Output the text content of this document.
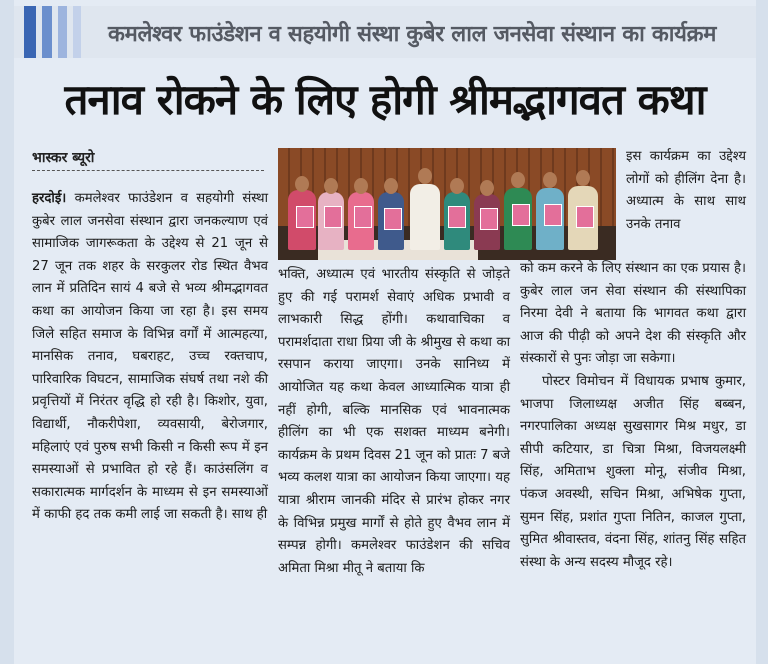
कमलेश्वर फाउंडेशन व सहयोगी संस्था कुबेर लाल जनसेवा संस्थान का कार्यक्रम
तनाव रोकने के लिए होगी श्रीमद्भागवत कथा
भास्कर ब्यूरो

हरदोई। कमलेश्वर फाउंडेशन व सहयोगी संस्था कुबेर लाल जनसेवा संस्थान द्वारा जनकल्याण एवं सामाजिक जागरूकता के उद्देश्य से 21 जून से 27 जून तक शहर के सरकुलर रोड स्थित वैभव लान में प्रतिदिन सायं 4 बजे से भव्य श्रीमद्भागवत कथा का आयोजन किया जा रहा है। इस समय जिले सहित समाज के विभिन्न वर्गों में आत्महत्या, मानसिक तनाव, घबराहट, उच्च रक्तचाप, पारिवारिक विघटन, सामाजिक संघर्ष तथा नशे की प्रवृत्तियों में निरंतर वृद्धि हो रही है। किशोर, युवा, विद्यार्थी, नौकरीपेशा, व्यवसायी, बेरोजगार, महिलाएं एवं पुरुष सभी किसी न किसी रूप में इन समस्याओं से प्रभावित हो रहे हैं। काउंसलिंग व सकारात्मक मार्गदर्शन के माध्यम से इन समस्याओं में काफी हद तक कमी लाई जा सकती है। साथ ही

भक्ति, अध्यात्म एवं भारतीय संस्कृति से जोड़ते हुए की गई परामर्श सेवाएं अधिक प्रभावी व लाभकारी सिद्ध होंगी। कथावाचिका व परामर्शदाता राधा प्रिया जी के श्रीमुख से कथा का रसपान कराया जाएगा। उनके सानिध्य में आयोजित यह कथा केवल आध्यात्मिक यात्रा ही नहीं होगी, बल्कि मानसिक एवं भावनात्मक हीलिंग का भी एक सशक्त माध्यम बनेगी। कार्यक्रम के प्रथम दिवस 21 जून को प्रातः 7 बजे भव्य कलश यात्रा का आयोजन किया जाएगा। यह यात्रा श्रीराम जानकी मंदिर से प्रारंभ होकर नगर के विभिन्न प्रमुख मार्गों से होते हुए वैभव लान में सम्पन्न होगी। कमलेश्वर फाउंडेशन की सचिव अमिता मिश्रा मीतू ने बताया कि

इस कार्यक्रम का उद्देश्य लोगों को हीलिंग देना है। अध्यात्म के साथ साथ उनके तनाव

को कम करने के लिए संस्थान का एक प्रयास है। कुबेर लाल जन सेवा संस्थान की संस्थापिका निरमा देवी ने बताया कि भागवत कथा द्वारा आज की पीढ़ी को अपने देश की संस्कृति और संस्कारों से पुनः जोड़ा जा सकेगा।

पोस्टर विमोचन में विधायक प्रभाष कुमार, भाजपा जिलाध्यक्ष अजीत सिंह बब्बन, नगरपालिका अध्यक्ष सुखसागर मिश्र मधुर, डा सीपी कटियार, डा चित्रा मिश्रा, विजयलक्ष्मी सिंह, अमिताभ शुक्ला मोनू, संजीव मिश्रा, पंकज अवस्थी, सचिन मिश्रा, अभिषेक गुप्ता, सुमन सिंह, प्रशांत गुप्ता नितिन, काजल गुप्ता, सुमित श्रीवास्तव, वंदना सिंह, शांतनु सिंह सहित संस्था के अन्य सदस्य मौजूद रहे।
